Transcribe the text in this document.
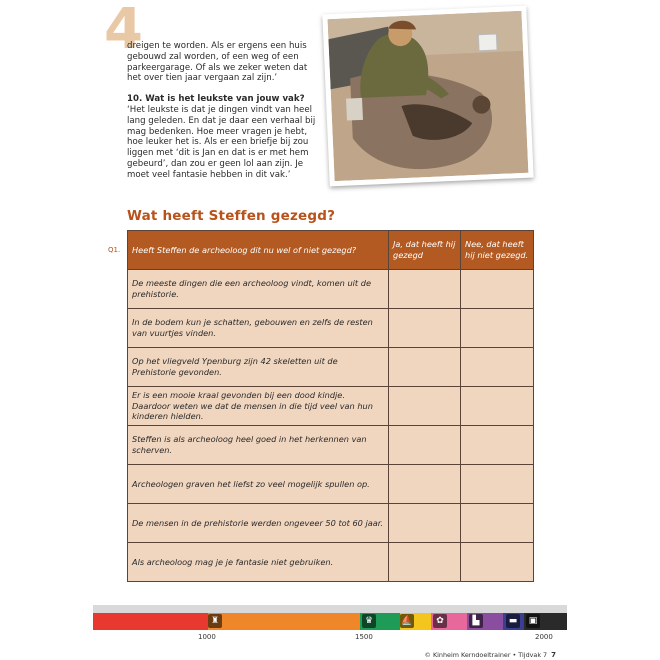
4

dreigen te worden. Als er ergens een huis gebouwd zal worden, of een weg of een parkeergarage. Of als we zeker weten dat het over tien jaar vergaan zal zijn.’

10. Wat is het leukste van jouw vak?

‘Het leukste is dat je dingen vindt van heel lang geleden. En dat je daar een verhaal bij mag bedenken. Hoe meer vragen je hebt, hoe leuker het is. Als er een briefje bij zou liggen met ‘dit is Jan en dat is er met hem gebeurd’, dan zou er geen lol aan zijn. Je moet veel fantasie hebben in dit vak.’

Wat heeft Steffen gezegd?
Q1. Heeft Steffen de archeoloog dit nu wel of niet gezegd?	Ja, dat heeft hij gezegd	Nee, dat heeft hij niet gezegd.
De meeste dingen die een archeoloog vindt, komen uit de prehistorie.		
In de bodem kun je schatten, gebouwen en zelfs de resten van vuurtjes vinden.		
Op het vliegveld Ypenburg zijn 42 skeletten uit de Prehistorie gevonden.		
Er is een mooie kraal gevonden bij een dood kindje. Daardoor weten we dat de mensen in die tijd veel van hun kinderen hielden.		
Steffen is als archeoloog heel goed in het herkennen van scherven.		
Archeologen graven het liefst zo veel mogelijk spullen op.		
De mensen in de prehistorie werden ongeveer 50 tot 60 jaar.		
Als archeoloog mag je je fantasie niet gebruiken.		
♜	♛	⛵	✿	▙	▬	▣
1000	1500	2000
© Kinheim Kerndoeltrainer • Tijdvak 7 7
